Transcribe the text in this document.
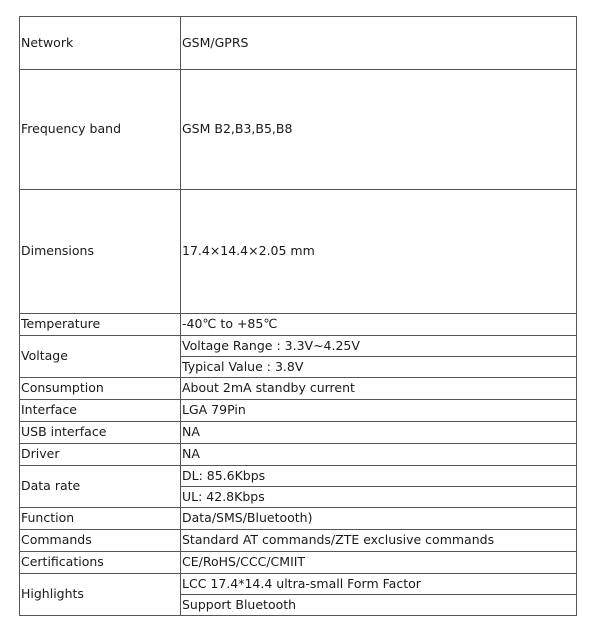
Network	GSM/GPRS
Frequency band	GSM B2,B3,B5,B8
Dimensions	17.4×14.4×2.05 mm
Temperature	-40℃ to +85℃
Voltage	Voltage Range : 3.3V~4.25V
	Typical Value : 3.8V
Consumption	About 2mA standby current
Interface	LGA 79Pin
USB interface	NA
Driver	NA
Data rate	DL: 85.6Kbps
	UL: 42.8Kbps
Function	Data/SMS/Bluetooth)
Commands	Standard AT commands/ZTE exclusive commands
Certifications	CE/RoHS/CCC/CMIIT
Highlights	LCC 17.4*14.4 ultra-small Form Factor
	Support Bluetooth
